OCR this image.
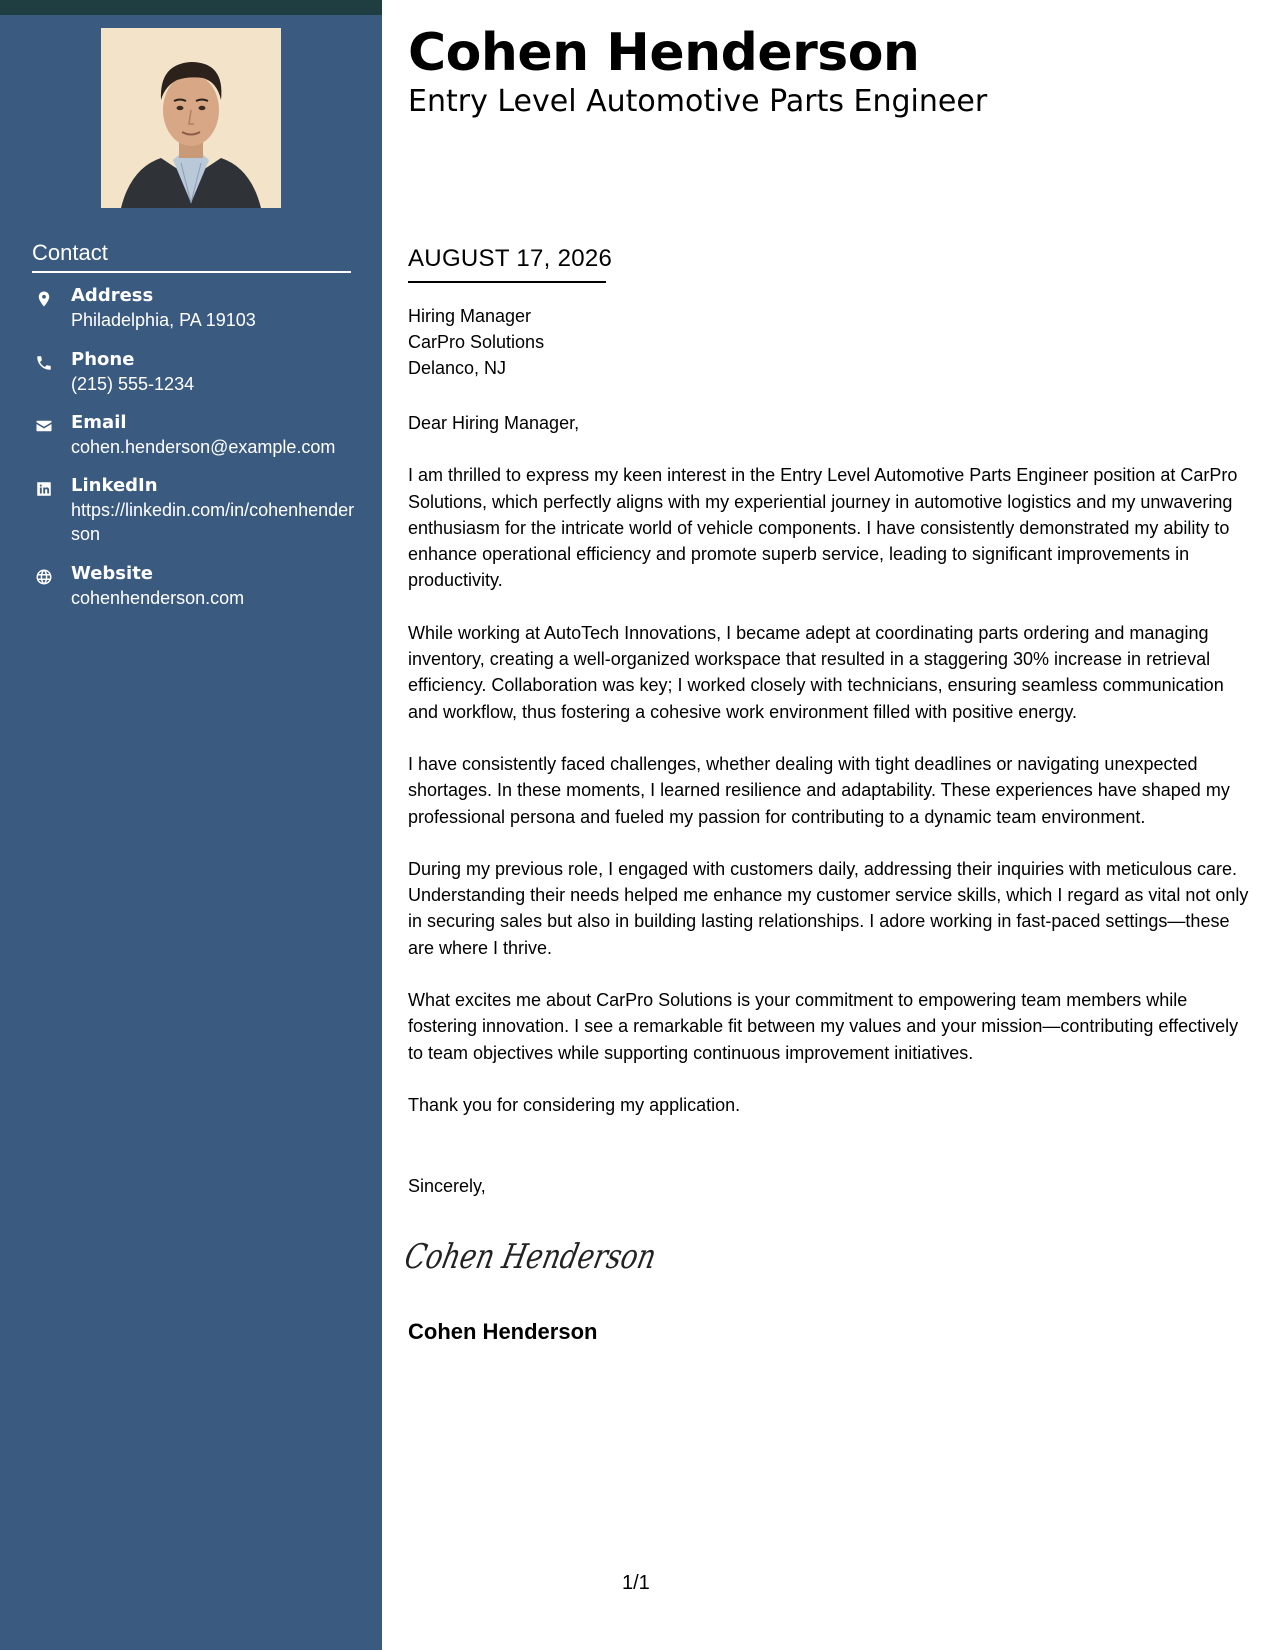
Contact
Address
Philadelphia, PA 19103
Phone
(215) 555-1234
Email
cohen.henderson@example.com
LinkedIn
https://linkedin.com/in/cohenhenderson
Website
cohenhenderson.com
Cohen Henderson
Entry Level Automotive Parts Engineer
AUGUST 17, 2026
Hiring Manager
CarPro Solutions
Delanco, NJ

Dear Hiring Manager,

I am thrilled to express my keen interest in the Entry Level Automotive Parts Engineer position at CarPro Solutions, which perfectly aligns with my experiential journey in automotive logistics and my unwavering enthusiasm for the intricate world of vehicle components. I have consistently demonstrated my ability to enhance operational efficiency and promote superb service, leading to significant improvements in productivity.

While working at AutoTech Innovations, I became adept at coordinating parts ordering and managing inventory, creating a well-organized workspace that resulted in a staggering 30% increase in retrieval efficiency. Collaboration was key; I worked closely with technicians, ensuring seamless communication and workflow, thus fostering a cohesive work environment filled with positive energy.

I have consistently faced challenges, whether dealing with tight deadlines or navigating unexpected shortages. In these moments, I learned resilience and adaptability. These experiences have shaped my professional persona and fueled my passion for contributing to a dynamic team environment.

During my previous role, I engaged with customers daily, addressing their inquiries with meticulous care. Understanding their needs helped me enhance my customer service skills, which I regard as vital not only in securing sales but also in building lasting relationships. I adore working in fast-paced settings—these are where I thrive.

What excites me about CarPro Solutions is your commitment to empowering team members while fostering innovation. I see a remarkable fit between my values and your mission—contributing effectively to team objectives while supporting continuous improvement initiatives.

Thank you for considering my application.

Sincerely,
Cohen Henderson
Cohen Henderson
1/1
